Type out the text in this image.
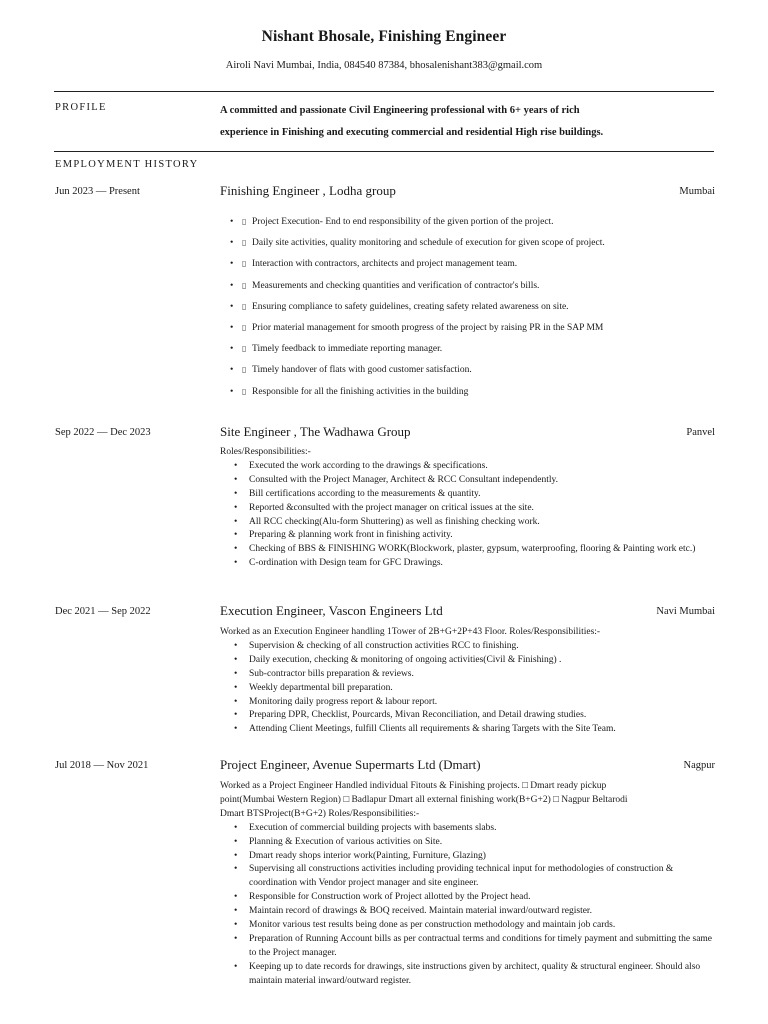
Nishant Bhosale, Finishing Engineer
Airoli Navi Mumbai, India, 084540 87384, bhosalenishant383@gmail.com
PROFILE	A committed and passionate Civil Engineering professional with 6+ years of rich
experience in Finishing and executing commercial and residential High rise buildings.
EMPLOYMENT HISTORY
Jun 2023 — Present	Finishing Engineer , Lodha group	Mumbai
• ▯ Project Execution- End to end responsibility of the given portion of the project.
• ▯ Daily site activities, quality monitoring and schedule of execution for given scope of project.
• ▯ Interaction with contractors, architects and project management team.
• ▯ Measurements and checking quantities and verification of contractor's bills.
• ▯ Ensuring compliance to safety guidelines, creating safety related awareness on site.
• ▯ Prior material management for smooth progress of the project by raising PR in the SAP MM
• ▯ Timely feedback to immediate reporting manager.
• ▯ Timely handover of flats with good customer satisfaction.
• ▯ Responsible for all the finishing activities in the building
Sep 2022 — Dec 2023	Site Engineer , The Wadhawa Group	Panvel

Roles/Responsibilities:-

• Executed the work according to the drawings & specifications.
• Consulted with the Project Manager, Architect & RCC Consultant independently.
• Bill certifications according to the measurements & quantity.
• Reported &consulted with the project manager on critical issues at the site.
• All RCC checking(Alu-form Shuttering) as well as finishing checking work.
• Preparing & planning work front in finishing activity.
• Checking of BBS & FINISHING WORK(Blockwork, plaster, gypsum, waterproofing, flooring & Painting work etc.)
• C-ordination with Design team for GFC Drawings.
Dec 2021 — Sep 2022	Execution Engineer, Vascon Engineers Ltd	Navi Mumbai

Worked as an Execution Engineer handling 1Tower of 2B+G+2P+43 Floor. Roles/Responsibilities:-

• Supervision & checking of all construction activities RCC to finishing.
• Daily execution, checking & monitoring of ongoing activities(Civil & Finishing) .
• Sub-contractor bills preparation & reviews.
• Weekly departmental bill preparation.
• Monitoring daily progress report & labour report.
• Preparing DPR, Checklist, Pourcards, Mivan Reconciliation, and Detail drawing studies.
• Attending Client Meetings, fulfill Clients all requirements & sharing Targets with the Site Team.
Jul 2018 — Nov 2021	Project Engineer, Avenue Supermarts Ltd (Dmart)	Nagpur

Worked as a Project Engineer Handled individual Fitouts & Finishing projects. □ Dmart ready pickup

point(Mumbai Western Region) □ Badlapur Dmart all external finishing work(B+G+2) □ Nagpur Beltarodi

Dmart BTSProject(B+G+2) Roles/Responsibilities:-

• Execution of commercial building projects with basements slabs.
• Planning & Execution of various activities on Site.
• Dmart ready shops interior work(Painting, Furniture, Glazing)
• Supervising all constructions activities including providing technical input for methodologies of construction & coordination with Vendor project manager and site engineer.
• Responsible for Construction work of Project allotted by the Project head.
• Maintain record of drawings & BOQ received. Maintain material inward/outward register.
• Monitor various test results being done as per construction methodology and maintain job cards.
• Preparation of Running Account bills as per contractual terms and conditions for timely payment and submitting the same to the Project manager.
• Keeping up to date records for drawings, site instructions given by architect, quality & structural engineer. Should also maintain material inward/outward register.
